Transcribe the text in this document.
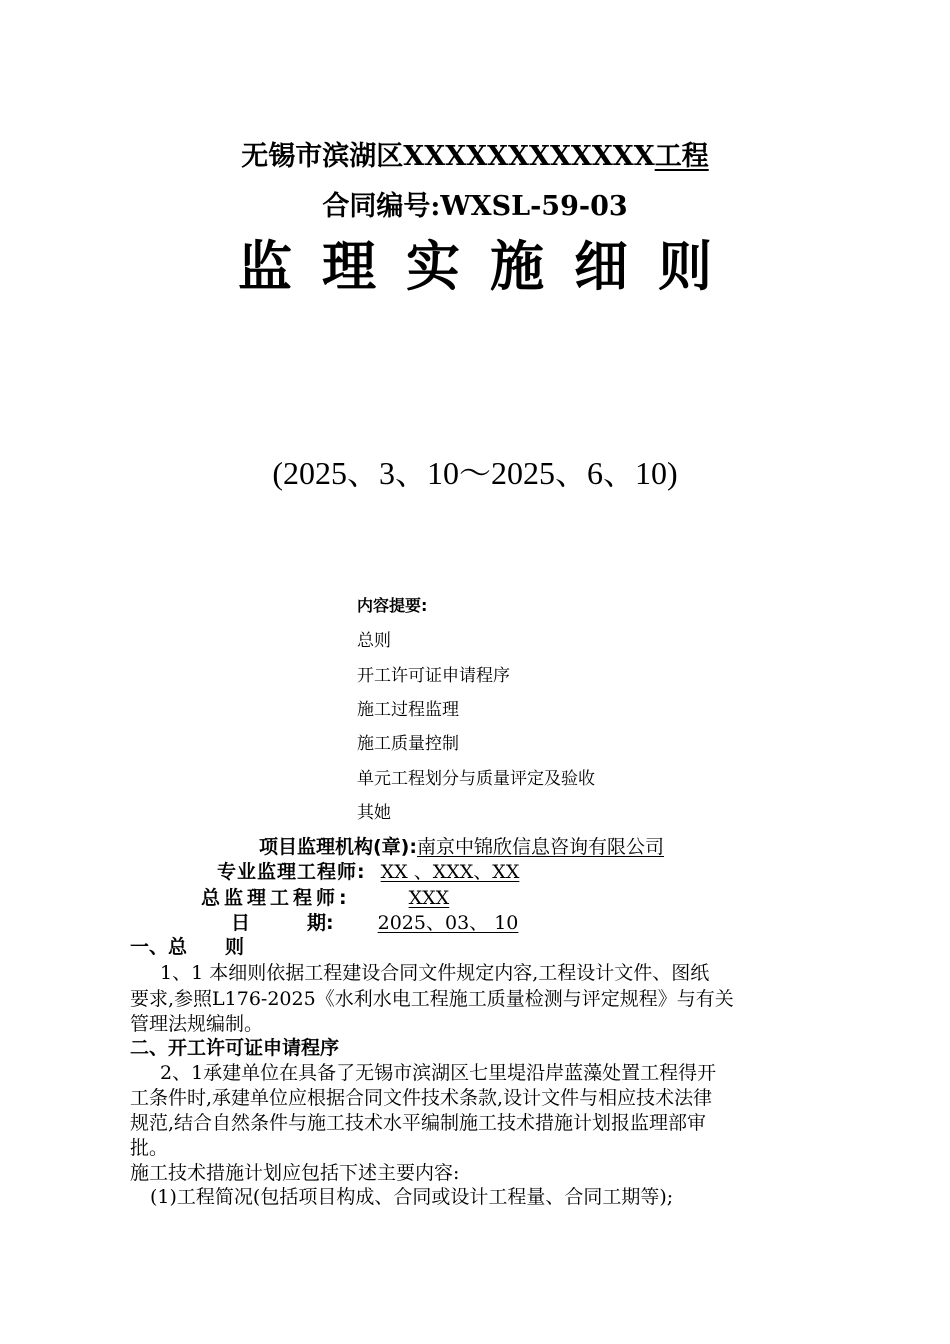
无锡市滨湖区XXXXXXXXXXXX工程
合同编号:WXSL-59-03
监理实施细则
(2025、3、10～2025、6、10)
内容提要:
总则
开工许可证申请程序
施工过程监理
施工质量控制
单元工程划分与质量评定及验收
其她
项目监理机构(章):南京中锦欣信息咨询有限公司
专业监理工程师: XX 、XXX、XX
总监理工程师:	XXX
日　　　期: 2025、03、 10
一、总　　则
1、1 本细则依据工程建设合同文件规定内容,工程设计文件、图纸
要求,参照L176-2025《水利水电工程施工质量检测与评定规程》与有关
管理法规编制。
二、开工许可证申请程序
2、1承建单位在具备了无锡市滨湖区七里堤沿岸蓝藻处置工程得开
工条件时,承建单位应根据合同文件技术条款,设计文件与相应技术法律
规范,结合自然条件与施工技术水平编制施工技术措施计划报监理部审
批。
施工技术措施计划应包括下述主要内容:
(1)工程简况(包括项目构成、合同或设计工程量、合同工期等);
